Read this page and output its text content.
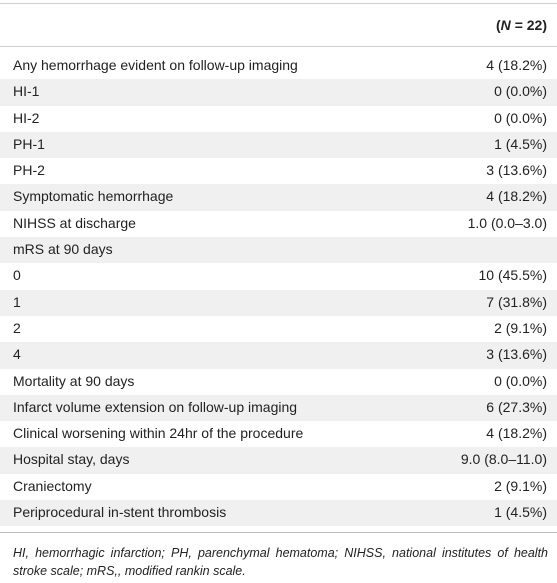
(N = 22)
Any hemorrhage evident on follow-up imaging	4 (18.2%)
HI-1	0 (0.0%)
HI-2	0 (0.0%)
PH-1	1 (4.5%)
PH-2	3 (13.6%)
Symptomatic hemorrhage	4 (18.2%)
NIHSS at discharge	1.0 (0.0–3.0)
mRS at 90 days
0	10 (45.5%)
1	7 (31.8%)
2	2 (9.1%)
4	3 (13.6%)
Mortality at 90 days	0 (0.0%)
Infarct volume extension on follow-up imaging	6 (27.3%)
Clinical worsening within 24hr of the procedure	4 (18.2%)
Hospital stay, days	9.0 (8.0–11.0)
Craniectomy	2 (9.1%)
Periprocedural in-stent thrombosis	1 (4.5%)
HI, hemorrhagic infarction; PH, parenchymal hematoma; NIHSS, national institutes of health stroke scale; mRS,, modified rankin scale.
